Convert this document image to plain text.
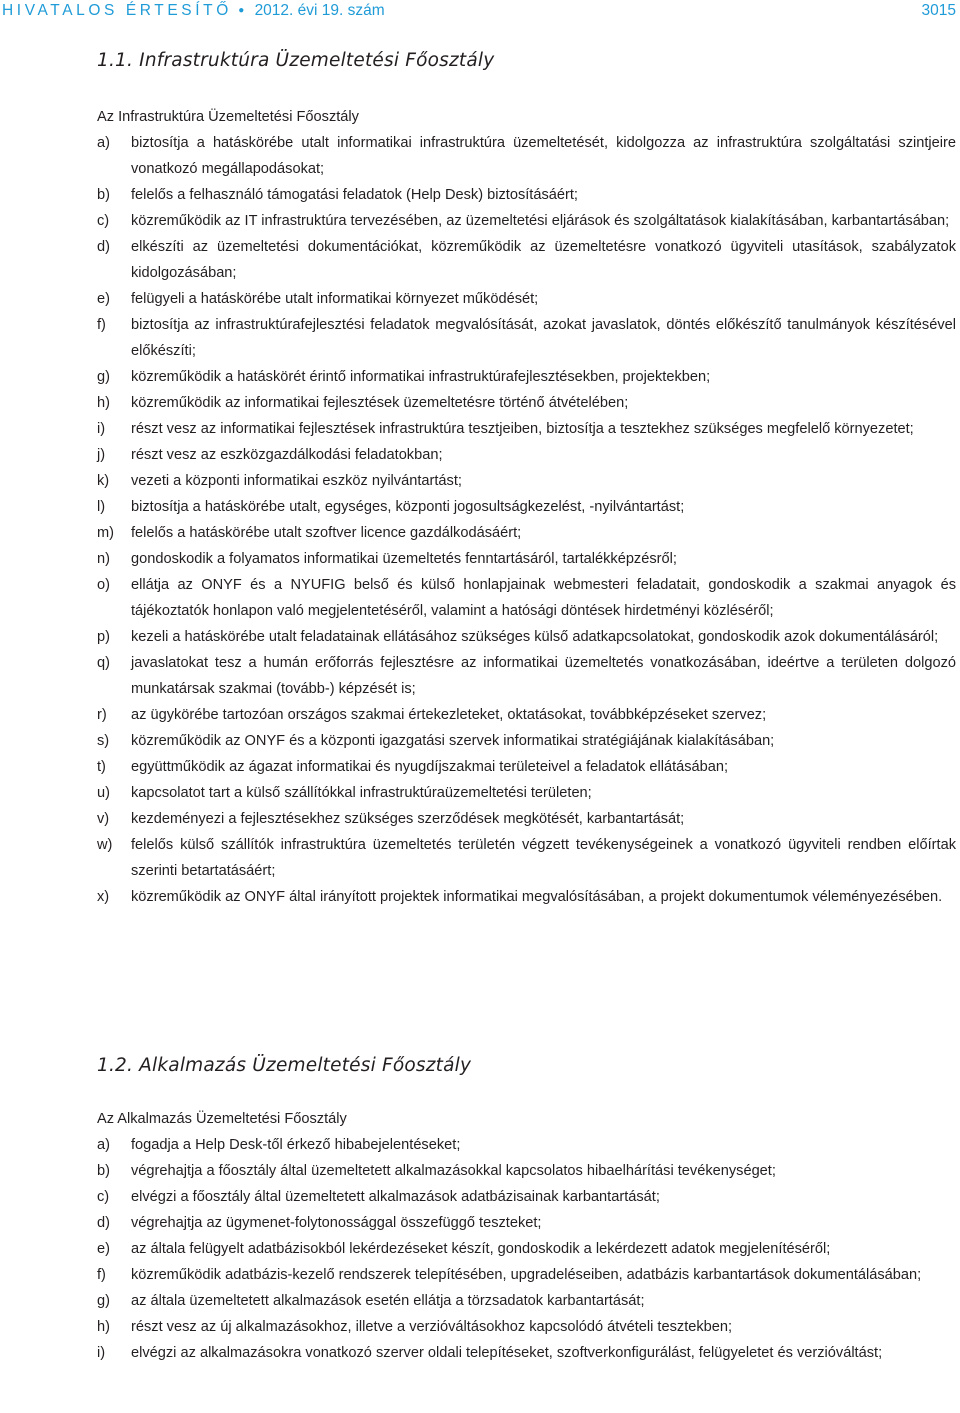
HIVATALOS ÉRTESÍTŐ ● 2012. évi 19. szám	3015
1.1. Infrastruktúra Üzemeltetési Főosztály
Az Infrastruktúra Üzemeltetési Főosztály
a) biztosítja a hatáskörébe utalt informatikai infrastruktúra üzemeltetését, kidolgozza az infrastruktúra szolgáltatási szintjeire vonatkozó megállapodásokat;
b) felelős a felhasználó támogatási feladatok (Help Desk) biztosításáért;
c) közreműködik az IT infrastruktúra tervezésében, az üzemeltetési eljárások és szolgáltatások kialakításában, karbantartásában;
d) elkészíti az üzemeltetési dokumentációkat, közreműködik az üzemeltetésre vonatkozó ügyviteli utasítások, szabályzatok kidolgozásában;
e) felügyeli a hatáskörébe utalt informatikai környezet működését;
f) biztosítja az infrastruktúrafejlesztési feladatok megvalósítását, azokat javaslatok, döntés előkészítő tanulmányok készítésével előkészíti;
g) közreműködik a hatáskörét érintő informatikai infrastruktúrafejlesztésekben, projektekben;
h) közreműködik az informatikai fejlesztések üzemeltetésre történő átvételében;
i) részt vesz az informatikai fejlesztések infrastruktúra tesztjeiben, biztosítja a tesztekhez szükséges megfelelő környezetet;
j) részt vesz az eszközgazdálkodási feladatokban;
k) vezeti a központi informatikai eszköz nyilvántartást;
l) biztosítja a hatáskörébe utalt, egységes, központi jogosultságkezelést, -nyilvántartást;
m) felelős a hatáskörébe utalt szoftver licence gazdálkodásáért;
n) gondoskodik a folyamatos informatikai üzemeltetés fenntartásáról, tartalékképzésről;
o) ellátja az ONYF és a NYUFIG belső és külső honlapjainak webmesteri feladatait, gondoskodik a szakmai anyagok és tájékoztatók honlapon való megjelentetéséről, valamint a hatósági döntések hirdetményi közléséről;
p) kezeli a hatáskörébe utalt feladatainak ellátásához szükséges külső adatkapcsolatokat, gondoskodik azok dokumentálásáról;
q) javaslatokat tesz a humán erőforrás fejlesztésre az informatikai üzemeltetés vonatkozásában, ideértve a területen dolgozó munkatársak szakmai (tovább-) képzését is;
r) az ügykörébe tartozóan országos szakmai értekezleteket, oktatásokat, továbbképzéseket szervez;
s) közreműködik az ONYF és a központi igazgatási szervek informatikai stratégiájának kialakításában;
t) együttműködik az ágazat informatikai és nyugdíjszakmai területeivel a feladatok ellátásában;
u) kapcsolatot tart a külső szállítókkal infrastruktúraüzemeltetési területen;
v) kezdeményezi a fejlesztésekhez szükséges szerződések megkötését, karbantartását;
w) felelős külső szállítók infrastruktúra üzemeltetés területén végzett tevékenységeinek a vonatkozó ügyviteli rendben előírtak szerinti betartatásáért;
x) közreműködik az ONYF által irányított projektek informatikai megvalósításában, a projekt dokumentumok véleményezésében.
1.2. Alkalmazás Üzemeltetési Főosztály
Az Alkalmazás Üzemeltetési Főosztály
a) fogadja a Help Desk-től érkező hibabejelentéseket;
b) végrehajtja a főosztály által üzemeltetett alkalmazásokkal kapcsolatos hibaelhárítási tevékenységet;
c) elvégzi a főosztály által üzemeltetett alkalmazások adatbázisainak karbantartását;
d) végrehajtja az ügymenet-folytonossággal összefüggő teszteket;
e) az általa felügyelt adatbázisokból lekérdezéseket készít, gondoskodik a lekérdezett adatok megjelenítéséről;
f) közreműködik adatbázis-kezelő rendszerek telepítésében, upgradeléseiben, adatbázis karbantartások dokumentálásában;
g) az általa üzemeltetett alkalmazások esetén ellátja a törzsadatok karbantartását;
h) részt vesz az új alkalmazásokhoz, illetve a verzióváltásokhoz kapcsolódó átvételi tesztekben;
i) elvégzi az alkalmazásokra vonatkozó szerver oldali telepítéseket, szoftverkonfigurálást, felügyeletet és verzióváltást;
